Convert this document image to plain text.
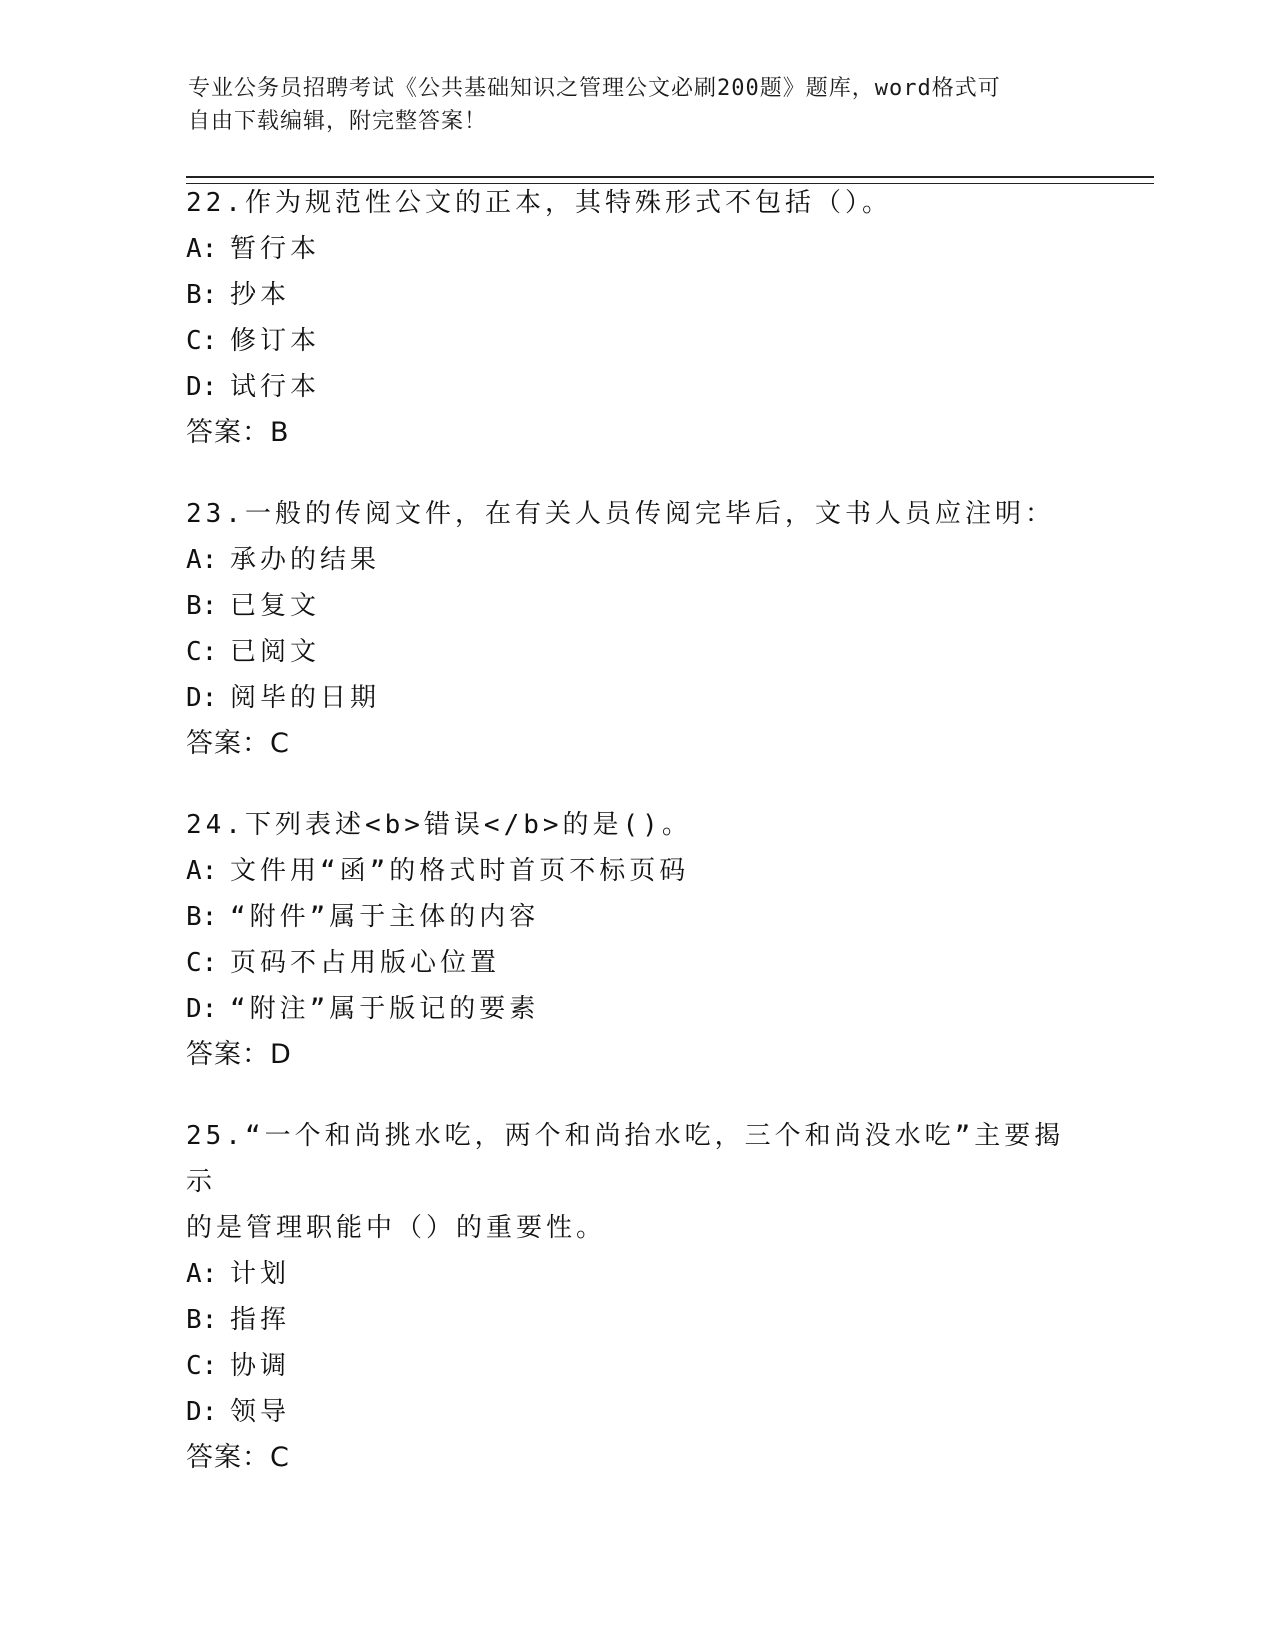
专业公务员招聘考试《公共基础知识之管理公文必刷200题》题库，word格式可
自由下载编辑，附完整答案！

22.作为规范性公文的正本，其特殊形式不包括（）。

A: 暂行本

B: 抄本

C: 修订本

D: 试行本

答案：B

23.一般的传阅文件，在有关人员传阅完毕后，文书人员应注明：

A: 承办的结果

B: 已复文

C: 已阅文

D: 阅毕的日期

答案：C

24.下列表述<b>错误</b>的是()。

A: 文件用“函”的格式时首页不标页码

B: “附件”属于主体的内容

C: 页码不占用版心位置

D: “附注”属于版记的要素

答案：D

25.“一个和尚挑水吃，两个和尚抬水吃，三个和尚没水吃”主要揭示

的是管理职能中（）的重要性。

A: 计划

B: 指挥

C: 协调

D: 领导

答案：C
